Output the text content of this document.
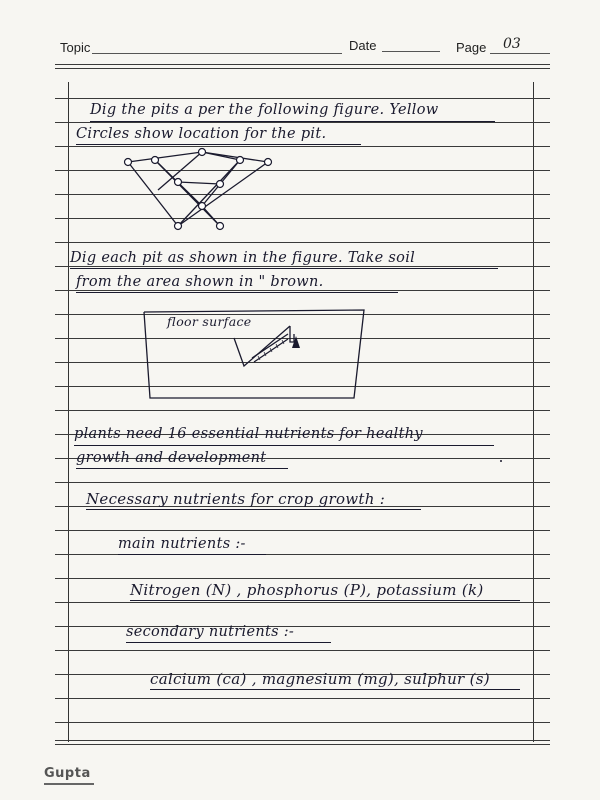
Topic	Date	Page 03
Dig the pits a per the following figure. Yellow
Circles show location for the pit.
Dig each pit as shown in the figure. Take soil
from the area shown in " brown.
floor surface
plants need 16 essential nutrients for healthy
growth and development
Necessary nutrients for crop growth :
main nutrients :-
Nitrogen (N) , phosphorus (P), potassium (k)
secondary nutrients :-
calcium (ca) , magnesium (mg), sulphur (s)
Gupta
